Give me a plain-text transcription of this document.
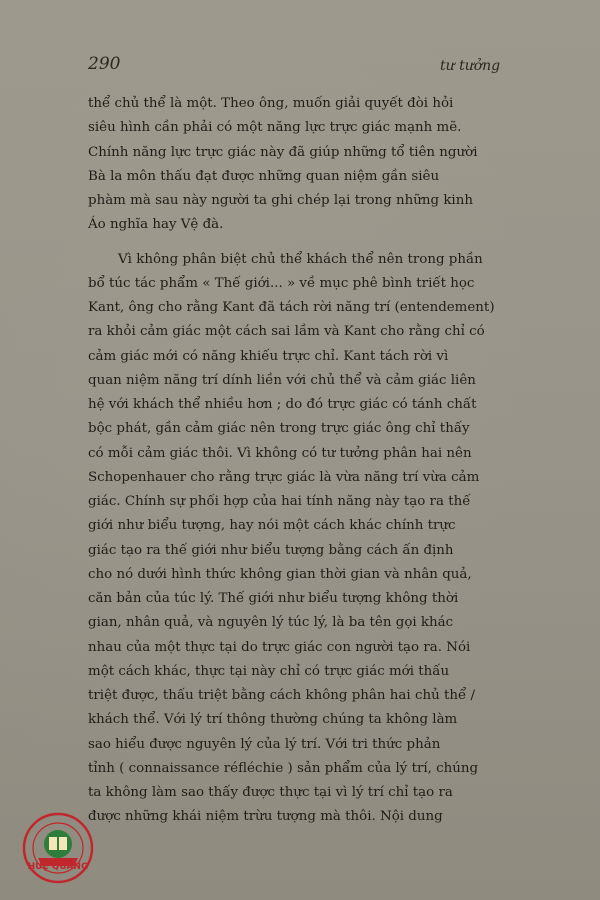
290	tư tưởng
thể chủ thể là một. Theo ông, muốn giải quyết đòi hỏi
siêu hình cần phải có một năng lực trực giác mạnh mẽ.
Chính năng lực trực giác này đã giúp những tổ tiên người
Bà la môn thấu đạt được những quan niệm gần siêu
phàm mà sau này người ta ghi chép lại trong những kinh
Áo nghĩa hay Vệ đà.
Vì không phân biệt chủ thể khách thể nên trong phần
bổ túc tác phẩm « Thế giới... » về mục phê bình triết học
Kant, ông cho rằng Kant đã tách rời năng trí (entendement)
ra khỏi cảm giác một cách sai lầm và Kant cho rằng chỉ có
cảm giác mới có năng khiếu trực chỉ. Kant tách rời vì
quan niệm năng trí dính liền với chủ thể và cảm giác liên
hệ với khách thể nhiều hơn ; do đó trực giác có tánh chất
bộc phát, gần cảm giác nên trong trực giác ông chỉ thấy
có mỗi cảm giác thôi. Vì không có tư tưởng phân hai nên
Schopenhauer cho rằng trực giác là vừa năng trí vừa cảm
giác. Chính sự phối hợp của hai tính năng này tạo ra thế
giới như biểu tượng, hay nói một cách khác chính trực
giác tạo ra thế giới như biểu tượng bằng cách ấn định
cho nó dưới hình thức không gian thời gian và nhân quả,
căn bản của túc lý. Thế giới như biểu tượng không thời
gian, nhân quả, và nguyên lý túc lý, là ba tên gọi khác
nhau của một thực tại do trực giác con người tạo ra. Nói
một cách khác, thực tại này chỉ có trực giác mới thấu
triệt được, thấu triệt bằng cách không phân hai chủ thể /
khách thể. Với lý trí thông thường chúng ta không làm
sao hiểu được nguyên lý của lý trí. Với tri thức phản
tỉnh ( connaissance réfléchie ) sản phẩm của lý trí, chúng
ta không làm sao thấy được thực tại vì lý trí chỉ tạo ra
được những khái niệm trừu tượng mà thôi. Nội dung
HUỆ QUANG
